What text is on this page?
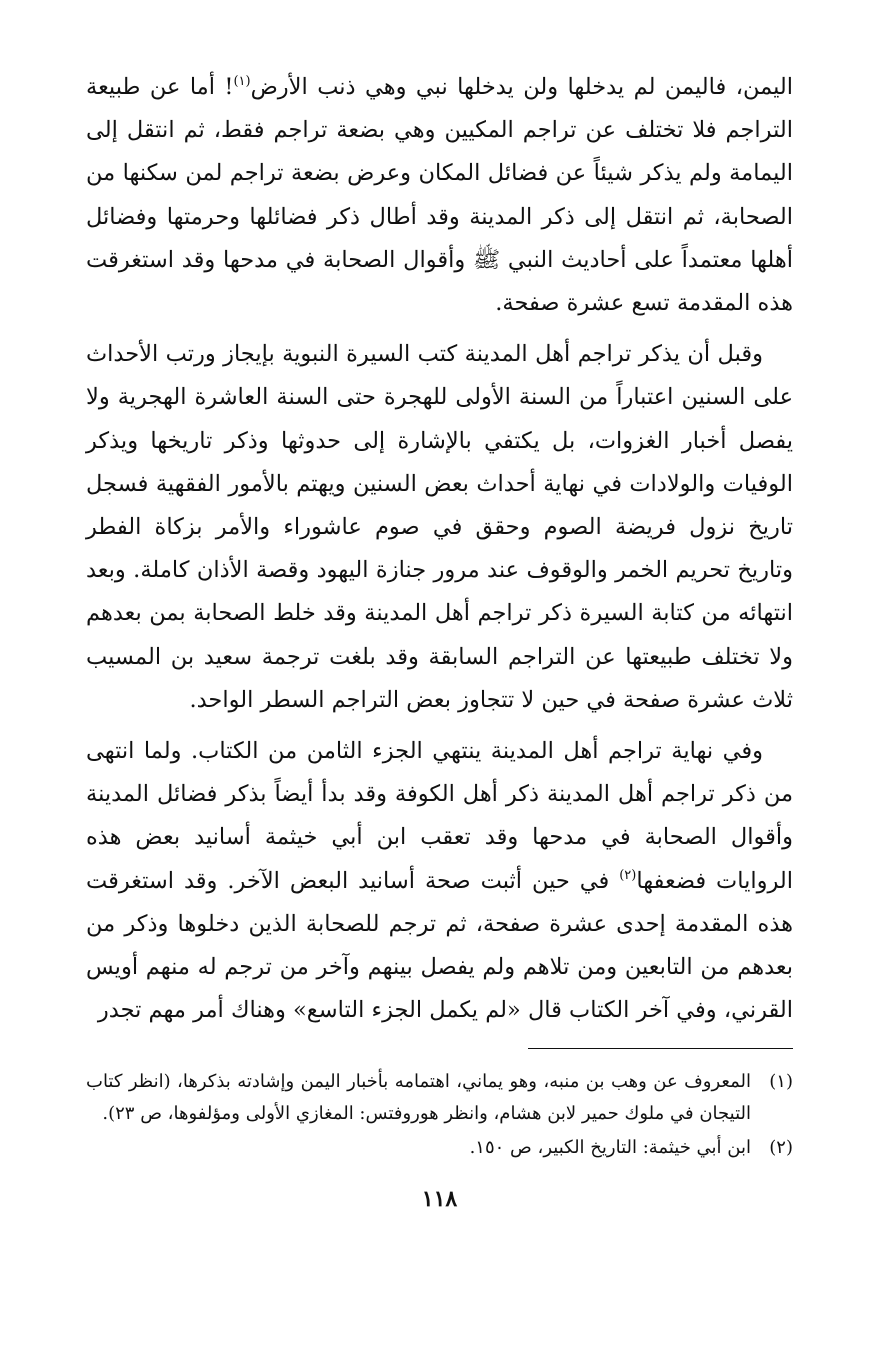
اليمن، فاليمن لم يدخلها ولن يدخلها نبي وهي ذنب الأرض$^{(١)}$! أما عن طبيعة التراجم فلا تختلف عن تراجم المكيين وهي بضعة تراجم فقط، ثم انتقل إلى اليمامة ولم يذكر شيئاً عن فضائل المكان وعرض بضعة تراجم لمن سكنها من الصحابة، ثم انتقل إلى ذكر المدينة وقد أطال ذكر فضائلها وحرمتها وفضائل أهلها معتمداً على أحاديث النبي ﷺ وأقوال الصحابة في مدحها وقد استغرقت هذه المقدمة تسع عشرة صفحة.

وقبل أن يذكر تراجم أهل المدينة كتب السيرة النبوية بإيجاز ورتب الأحداث على السنين اعتباراً من السنة الأولى للهجرة حتى السنة العاشرة الهجرية ولا يفصل أخبار الغزوات، بل يكتفي بالإشارة إلى حدوثها وذكر تاريخها ويذكر الوفيات والولادات في نهاية أحداث بعض السنين ويهتم بالأمور الفقهية فسجل تاريخ نزول فريضة الصوم وحقق في صوم عاشوراء والأمر بزكاة الفطر وتاريخ تحريم الخمر والوقوف عند مرور جنازة اليهود وقصة الأذان كاملة. وبعد انتهائه من كتابة السيرة ذكر تراجم أهل المدينة وقد خلط الصحابة بمن بعدهم ولا تختلف طبيعتها عن التراجم السابقة وقد بلغت ترجمة سعيد بن المسيب ثلاث عشرة صفحة في حين لا تتجاوز بعض التراجم السطر الواحد.

وفي نهاية تراجم أهل المدينة ينتهي الجزء الثامن من الكتاب. ولما انتهى من ذكر تراجم أهل المدينة ذكر أهل الكوفة وقد بدأ أيضاً بذكر فضائل المدينة وأقوال الصحابة في مدحها وقد تعقب ابن أبي خيثمة أسانيد بعض هذه الروايات فضعفها$^{(٢)}$ في حين أثبت صحة أسانيد البعض الآخر. وقد استغرقت هذه المقدمة إحدى عشرة صفحة، ثم ترجم للصحابة الذين دخلوها وذكر من بعدهم من التابعين ومن تلاهم ولم يفصل بينهم وآخر من ترجم له منهم أويس القرني، وفي آخر الكتاب قال «لم يكمل الجزء التاسع» وهناك أمر مهم تجدر

(١)
المعروف عن وهب بن منبه، وهو يماني، اهتمامه بأخبار اليمن وإشادته بذكرها، (انظر كتاب التيجان في ملوك حمير لابن هشام، وانظر هوروفتس: المغازي الأولى ومؤلفوها، ص ٢٣).
(٢)
ابن أبي خيثمة: التاريخ الكبير، ص ١٥٠.
١١٨
